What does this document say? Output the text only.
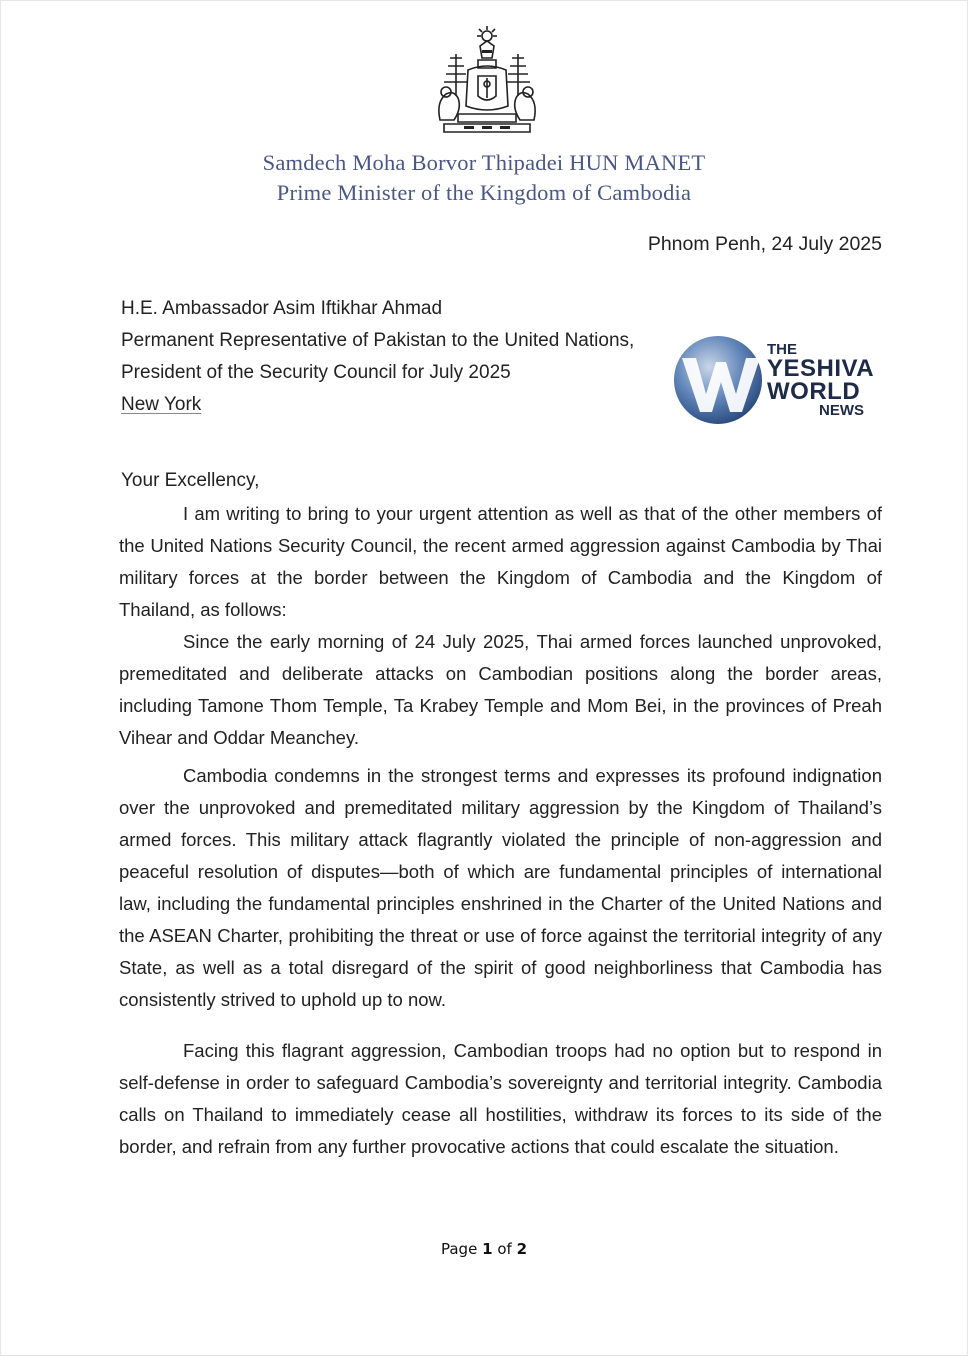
Samdech Moha Borvor Thipadei HUN MANET
Prime Minister of the Kingdom of Cambodia
Phnom Penh, 24 July 2025
H.E. Ambassador Asim Iftikhar Ahmad
Permanent Representative of Pakistan to the United Nations,
President of the Security Council for July 2025
New York
THE
YESHIVA
WORLD
NEWS
Your Excellency,

I am writing to bring to your urgent attention as well as that of the other members of the United Nations Security Council, the recent armed aggression against Cambodia by Thai military forces at the border between the Kingdom of Cambodia and the Kingdom of Thailand, as follows:

Since the early morning of 24 July 2025, Thai armed forces launched unprovoked, premeditated and deliberate attacks on Cambodian positions along the border areas, including Tamone Thom Temple, Ta Krabey Temple and Mom Bei, in the provinces of Preah Vihear and Oddar Meanchey.

Cambodia condemns in the strongest terms and expresses its profound indignation over the unprovoked and premeditated military aggression by the Kingdom of Thailand’s armed forces. This military attack flagrantly violated the principle of non-aggression and peaceful resolution of disputes—both of which are fundamental principles of international law, including the fundamental principles enshrined in the Charter of the United Nations and the ASEAN Charter, prohibiting the threat or use of force against the territorial integrity of any State, as well as a total disregard of the spirit of good neighborliness that Cambodia has consistently strived to uphold up to now.

Facing this flagrant aggression, Cambodian troops had no option but to respond in self-defense in order to safeguard Cambodia’s sovereignty and territorial integrity. Cambodia calls on Thailand to immediately cease all hostilities, withdraw its forces to its side of the border, and refrain from any further provocative actions that could escalate the situation.

Page 1 of 2
